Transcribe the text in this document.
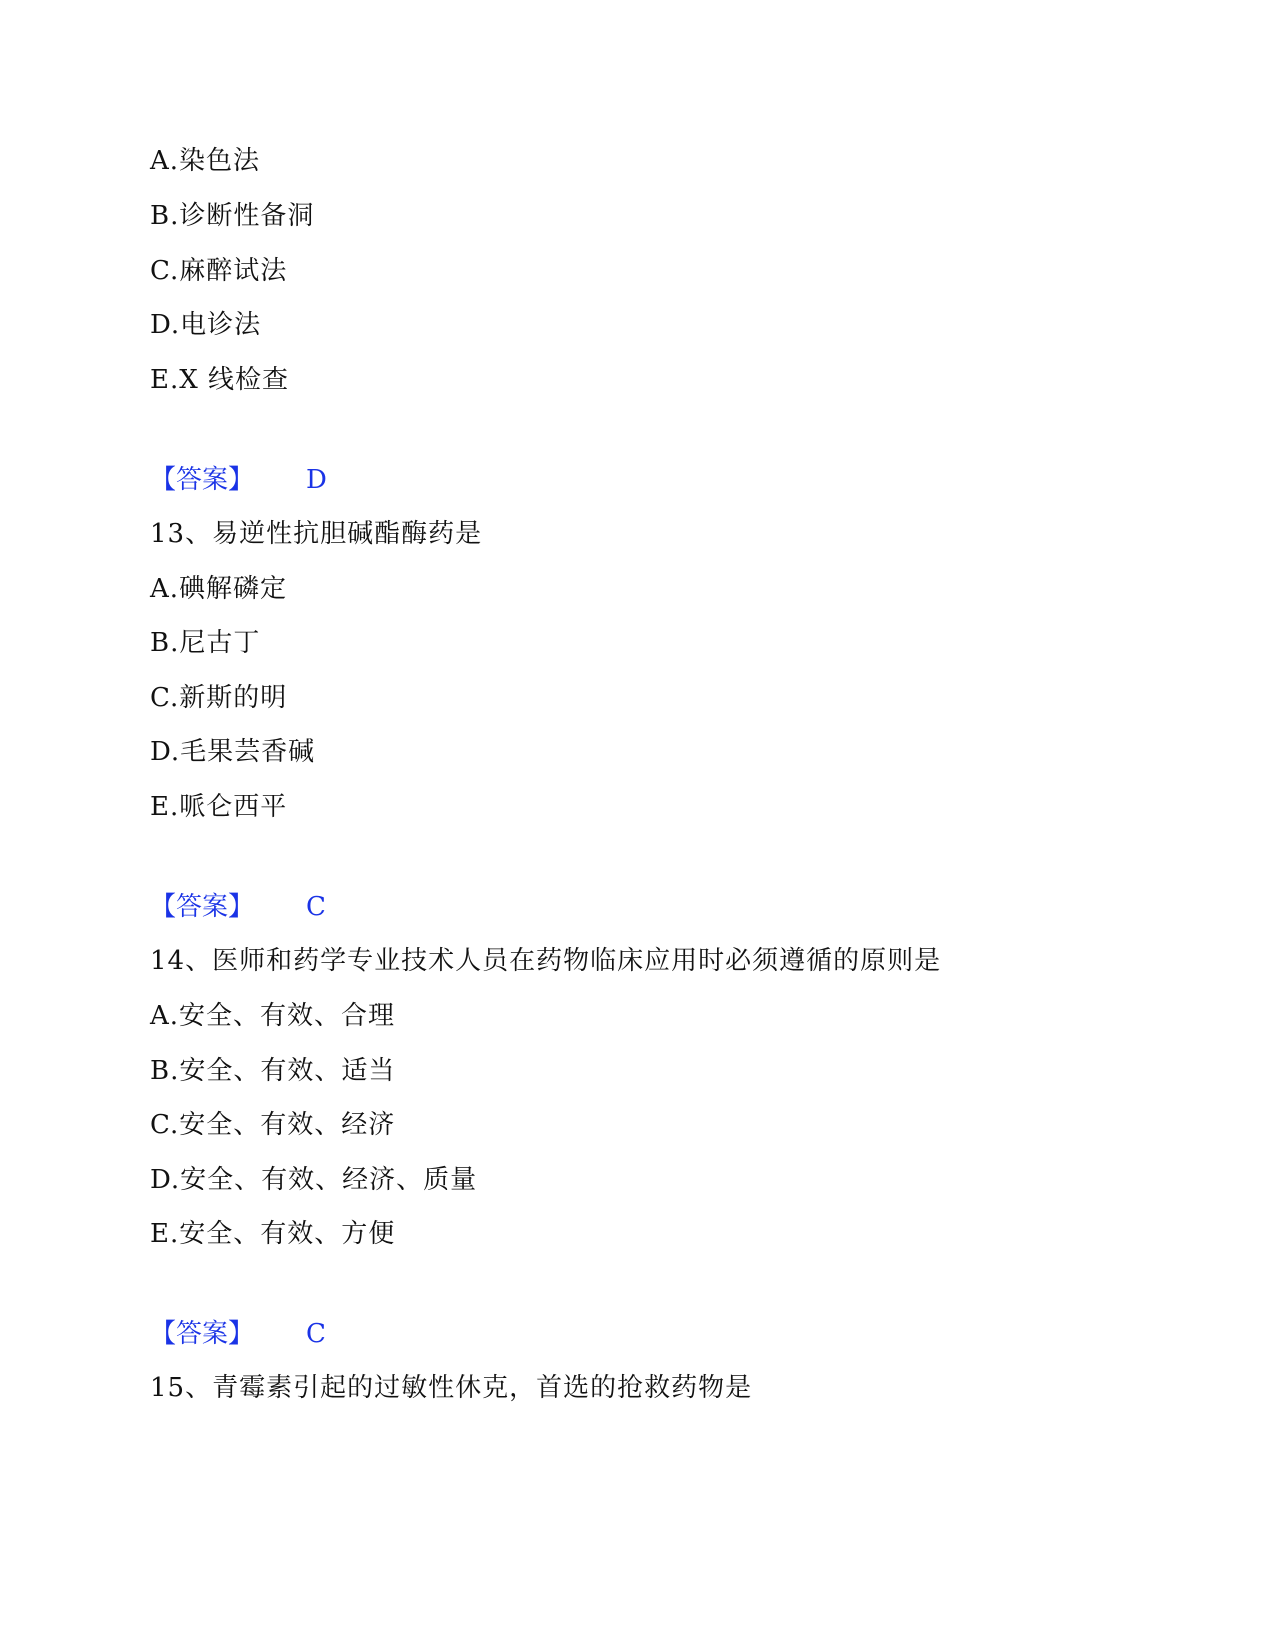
A.染色法
B.诊断性备洞
C.麻醉试法
D.电诊法
E.X 线检查
【答案】 D
13、易逆性抗胆碱酯酶药是
A.碘解磷定
B.尼古丁
C.新斯的明
D.毛果芸香碱
E.哌仑西平
【答案】 C
14、医师和药学专业技术人员在药物临床应用时必须遵循的原则是
A.安全、有效、合理
B.安全、有效、适当
C.安全、有效、经济
D.安全、有效、经济、质量
E.安全、有效、方便
【答案】 C
15、青霉素引起的过敏性休克，首选的抢救药物是
